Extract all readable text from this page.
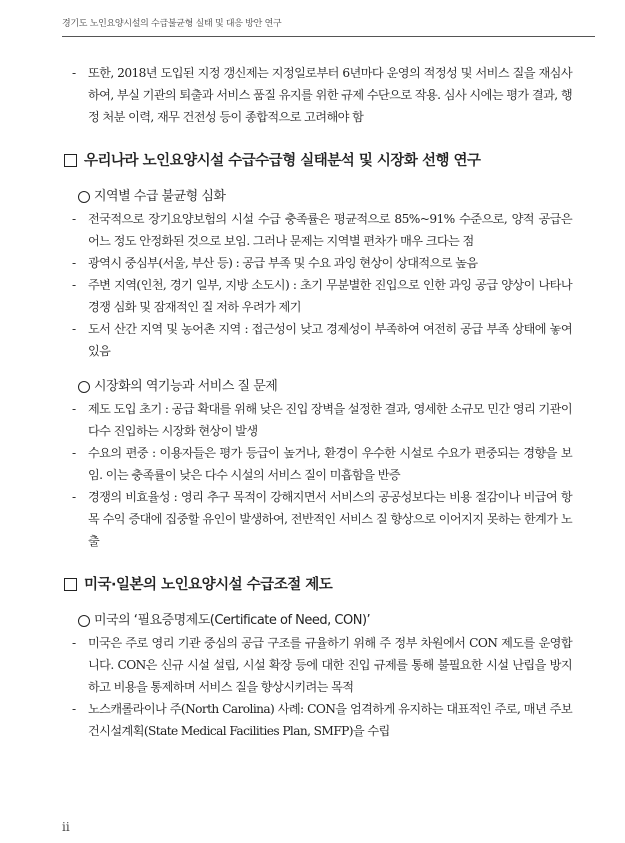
경기도 노인요양시설의 수급불균형 실태 및 대응 방안 연구
- 또한, 2018년 도입된 지정 갱신제는 지정일로부터 6년마다 운영의 적정성 및 서비스 질을 재심사하여, 부실 기관의 퇴출과 서비스 품질 유지를 위한 규제 수단으로 작용. 심사 시에는 평가 결과, 행정 처분 이력, 재무 건전성 등이 종합적으로 고려해야 함
우리나라 노인요양시설 수급수급형 실태분석 및 시장화 선행 연구
지역별 수급 불균형 심화
- 전국적으로 장기요양보험의 시설 수급 충족률은 평균적으로 85%~91% 수준으로, 양적 공급은 어느 정도 안정화된 것으로 보임. 그러나 문제는 지역별 편차가 매우 크다는 점
- 광역시 중심부(서울, 부산 등) : 공급 부족 및 수요 과잉 현상이 상대적으로 높음
- 주변 지역(인천, 경기 일부, 지방 소도시) : 초기 무분별한 진입으로 인한 과잉 공급 양상이 나타나 경쟁 심화 및 잠재적인 질 저하 우려가 제기
- 도서 산간 지역 및 농어촌 지역 : 접근성이 낮고 경제성이 부족하여 여전히 공급 부족 상태에 놓여 있음
시장화의 역기능과 서비스 질 문제
- 제도 도입 초기 : 공급 확대를 위해 낮은 진입 장벽을 설정한 결과, 영세한 소규모 민간 영리 기관이 다수 진입하는 시장화 현상이 발생
- 수요의 편중 : 이용자들은 평가 등급이 높거나, 환경이 우수한 시설로 수요가 편중되는 경향을 보임. 이는 충족률이 낮은 다수 시설의 서비스 질이 미흡함을 반증
- 경쟁의 비효율성 : 영리 추구 목적이 강해지면서 서비스의 공공성보다는 비용 절감이나 비급여 항목 수익 증대에 집중할 유인이 발생하여, 전반적인 서비스 질 향상으로 이어지지 못하는 한계가 노출
미국·일본의 노인요양시설 수급조절 제도
미국의 ‘필요증명제도(Certificate of Need, CON)’
- 미국은 주로 영리 기관 중심의 공급 구조를 규율하기 위해 주 정부 차원에서 CON 제도를 운영합니다. CON은 신규 시설 설립, 시설 확장 등에 대한 진입 규제를 통해 불필요한 시설 난립을 방지하고 비용을 통제하며 서비스 질을 향상시키려는 목적
- 노스캐롤라이나 주(North Carolina) 사례: CON을 엄격하게 유지하는 대표적인 주로, 매년 주보건시설계획(State Medical Facilities Plan, SMFP)을 수립
ii
